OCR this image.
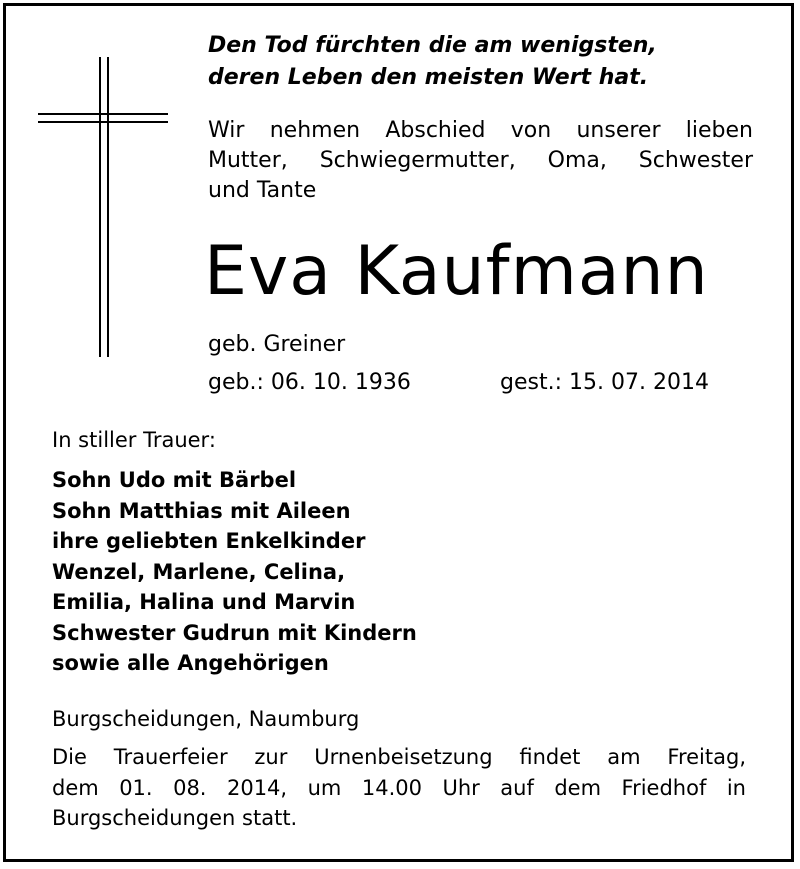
Den Tod fürchten die am wenigsten,
deren Leben den meisten Wert hat.
Wir nehmen Abschied von unserer lieben
Mutter, Schwiegermutter, Oma, Schwester
und Tante
Eva Kaufmann
geb. Greiner
geb.: 06. 10. 1936	gest.: 15. 07. 2014
In stiller Trauer:
Sohn Udo mit Bärbel
Sohn Matthias mit Aileen
ihre geliebten Enkelkinder
Wenzel, Marlene, Celina,
Emilia, Halina und Marvin
Schwester Gudrun mit Kindern
sowie alle Angehörigen
Burgscheidungen, Naumburg
Die Trauerfeier zur Urnenbeisetzung findet am Freitag,
dem 01. 08. 2014, um 14.00 Uhr auf dem Friedhof in
Burgscheidungen statt.
